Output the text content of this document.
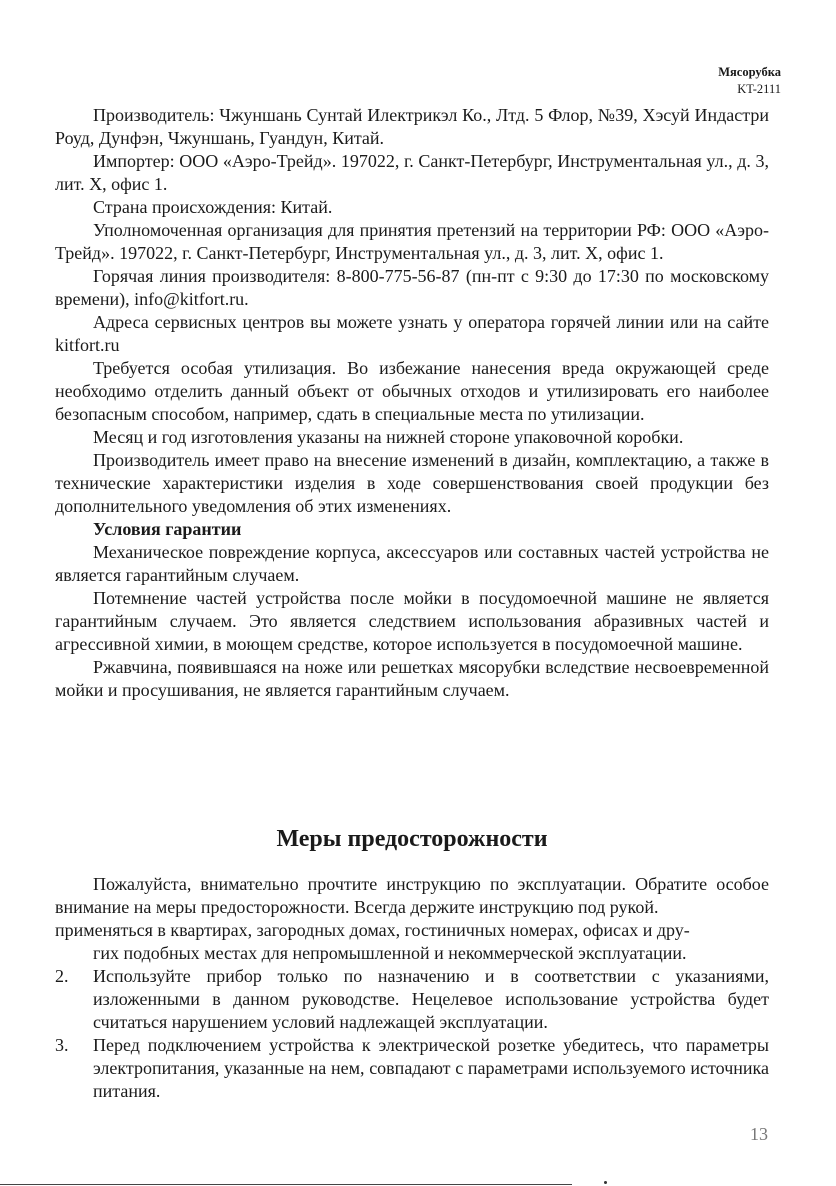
Мясорубка
KT-2111

Производитель: Чжуншань Сунтай Илектрикэл Ко., Лтд. 5 Флор, №39, Хэсуй Индастри Роуд, Дунфэн, Чжуншань, Гуандун, Китай.

Импортер: ООО «Аэро-Трейд». 197022, г. Санкт-Петербург, Инструментальная ул., д. 3, лит. Х, офис 1.

Страна происхождения: Китай.

Уполномоченная организация для принятия претензий на территории РФ: ООО «Аэро-Трейд». 197022, г. Санкт-Петербург, Инструментальная ул., д. 3, лит. Х, офис 1.

Горячая линия производителя: 8-800-775-56-87 (пн-пт с 9:30 до 17:30 по московскому времени), info@kitfort.ru.

Адреса сервисных центров вы можете узнать у оператора горячей линии или на сайте kitfort.ru

Требуется особая утилизация. Во избежание нанесения вреда окружающей среде необходимо отделить данный объект от обычных отходов и утилизировать его наиболее безопасным способом, например, сдать в специальные места по утилизации.

Месяц и год изготовления указаны на нижней стороне упаковочной коробки.

Производитель имеет право на внесение изменений в дизайн, комплектацию, а также в технические характеристики изделия в ходе совершенствования своей продукции без дополнительного уведомления об этих изменениях.

Условия гарантии

Механическое повреждение корпуса, аксессуаров или составных частей устройства не является гарантийным случаем.

Потемнение частей устройства после мойки в посудомоечной машине не является гарантийным случаем. Это является следствием использования абразивных частей и агрессивной химии, в моющем средстве, которое используется в посудомоечной машине.

Ржавчина, появившаяся на ноже или решетках мясорубки вследствие несвоевременной мойки и просушивания, не является гарантийным случаем.

Меры предосторожности

Пожалуйста, внимательно прочтите инструкцию по эксплуатации. Обратите особое внимание на меры предосторожности. Всегда держите инструкцию под рукой.

применяться в квартирах, загородных домах, гостиничных номерах, офисах и дру-

гих подобных местах для непромышленной и некоммерческой эксплуатации.

2.	Используйте прибор только по назначению и в соответствии с указаниями, изложенными в данном руководстве. Нецелевое использование устройства будет считаться нарушением условий надлежащей эксплуатации.
3.	Перед подключением устройства к электрической розетке убедитесь, что параметры электропитания, указанные на нем, совпадают с параметрами используемого источника питания.
13
